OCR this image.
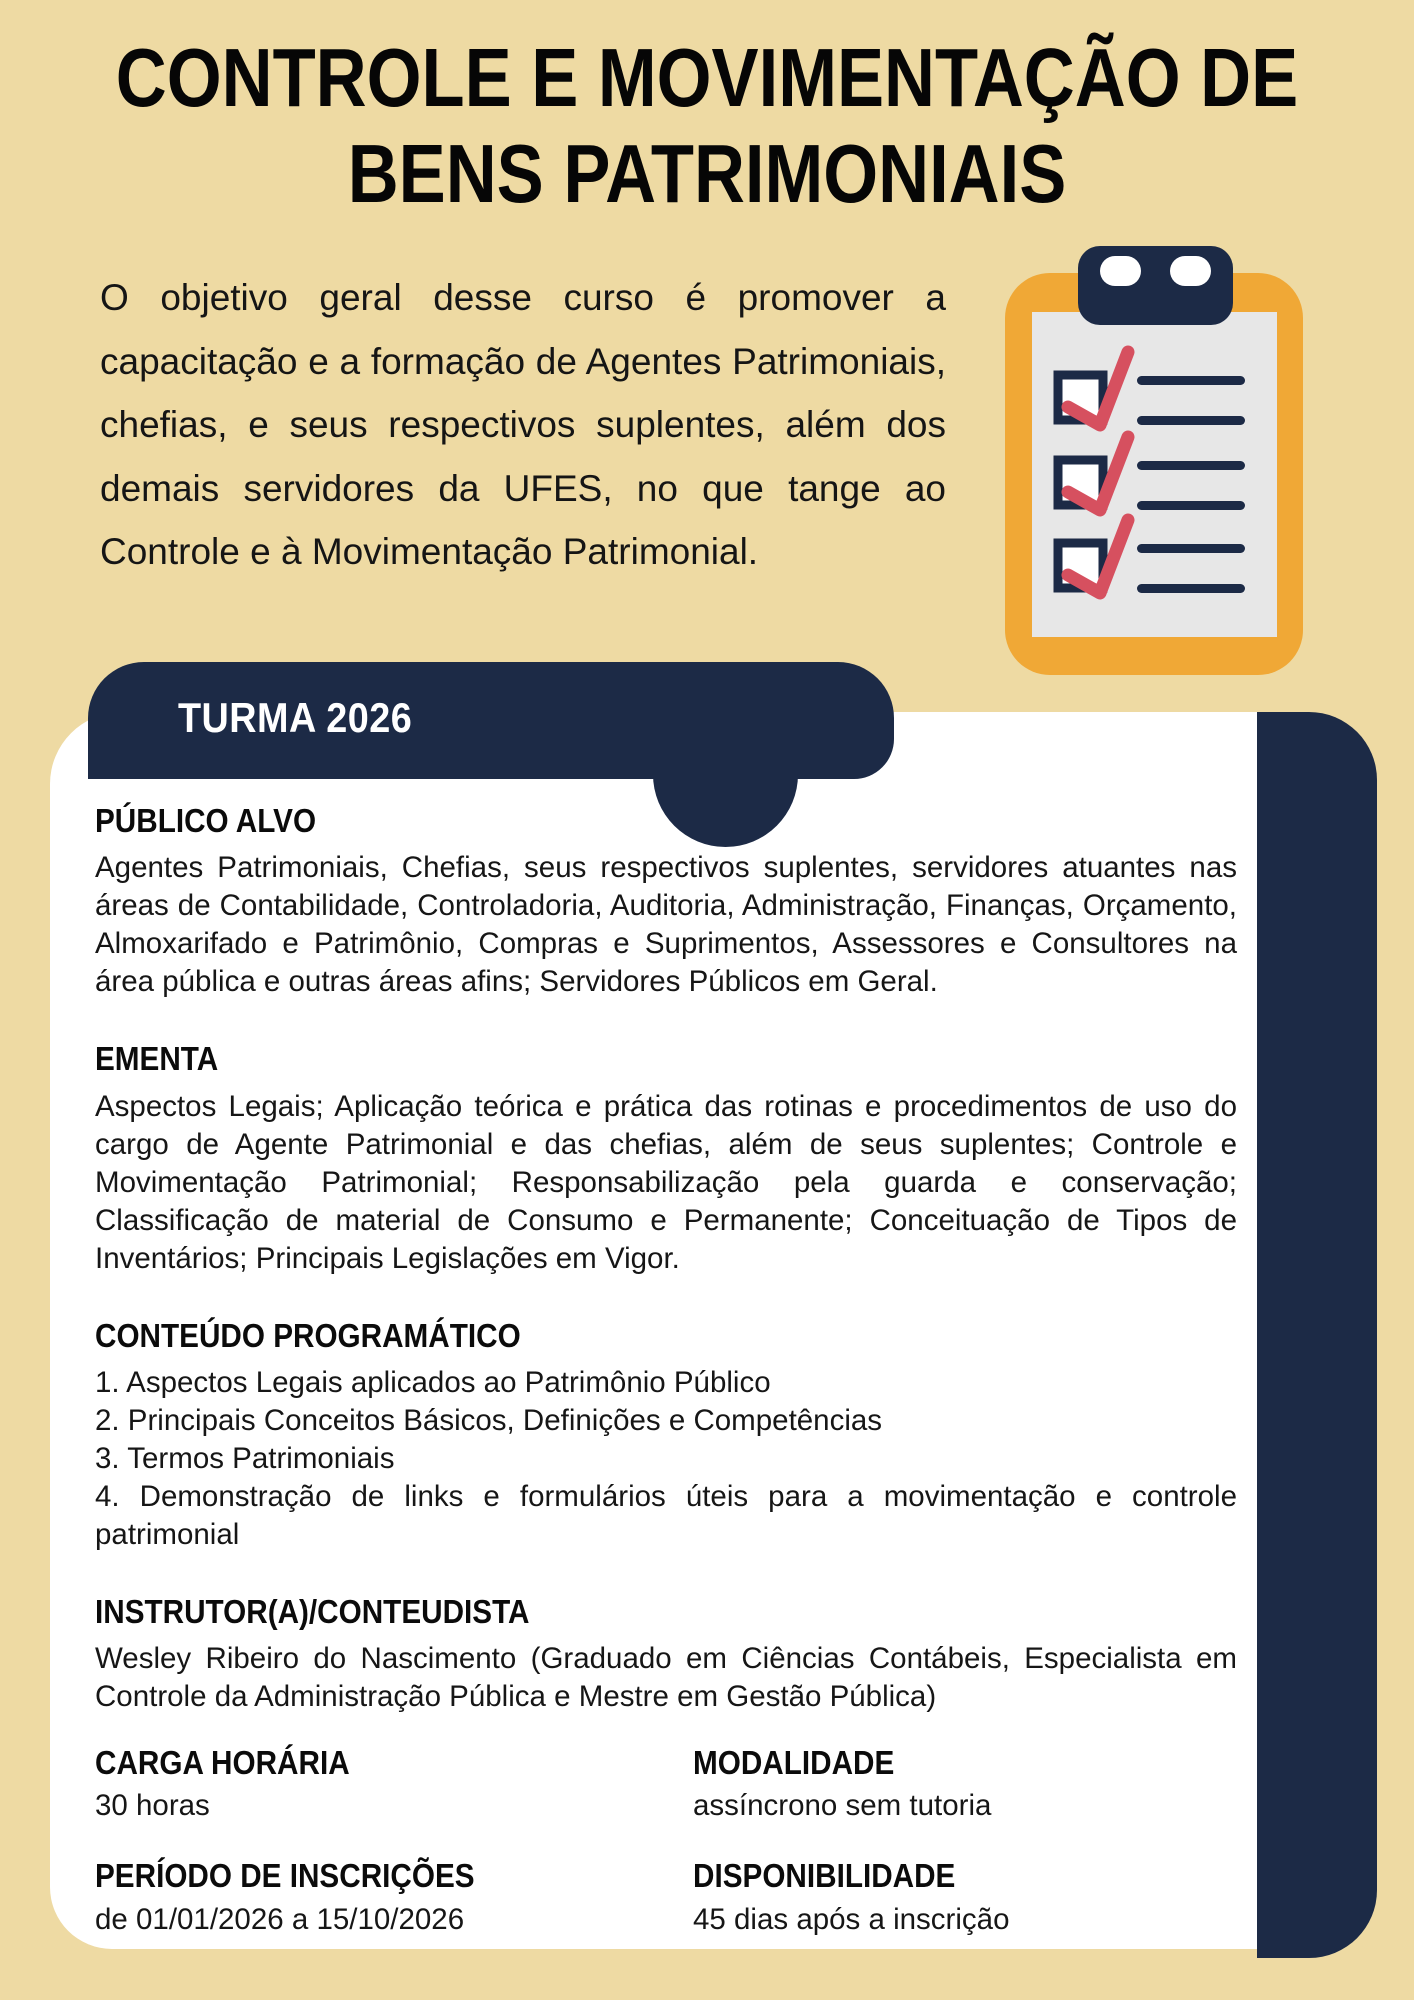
CONTROLE E MOVIMENTAÇÃO DE
BENS PATRIMONIAIS

O objetivo geral desse curso é promover a capacitação e a formação de Agentes Patrimoniais, chefias, e seus respectivos suplentes, além dos demais servidores da UFES, no que tange ao Controle e à Movimentação Patrimonial.

TURMA 2026
PÚBLICO ALVO

Agentes Patrimoniais, Chefias, seus respectivos suplentes, servidores atuantes nas áreas de Contabilidade, Controladoria, Auditoria, Administração, Finanças, Orçamento, Almoxarifado e Patrimônio, Compras e Suprimentos, Assessores e Consultores na área pública e outras áreas afins; Servidores Públicos em Geral.

EMENTA

Aspectos Legais; Aplicação teórica e prática das rotinas e procedimentos de uso do cargo de Agente Patrimonial e das chefias, além de seus suplentes; Controle e Movimentação Patrimonial; Responsabilização pela guarda e conservação; Classificação de material de Consumo e Permanente; Conceituação de Tipos de Inventários; Principais Legislações em Vigor.

CONTEÚDO PROGRAMÁTICO

1. Aspectos Legais aplicados ao Patrimônio Público

2. Principais Conceitos Básicos, Definições e Competências

3. Termos Patrimoniais

4. Demonstração de links e formulários úteis para a movimentação e controle patrimonial

INSTRUTOR(A)/CONTEUDISTA

Wesley Ribeiro do Nascimento (Graduado em Ciências Contábeis, Especialista em Controle da Administração Pública e Mestre em Gestão Pública)

CARGA HORÁRIA

30 horas

MODALIDADE

assíncrono sem tutoria

PERÍODO DE INSCRIÇÕES

de 01/01/2026 a 15/10/2026

DISPONIBILIDADE

45 dias após a inscrição
